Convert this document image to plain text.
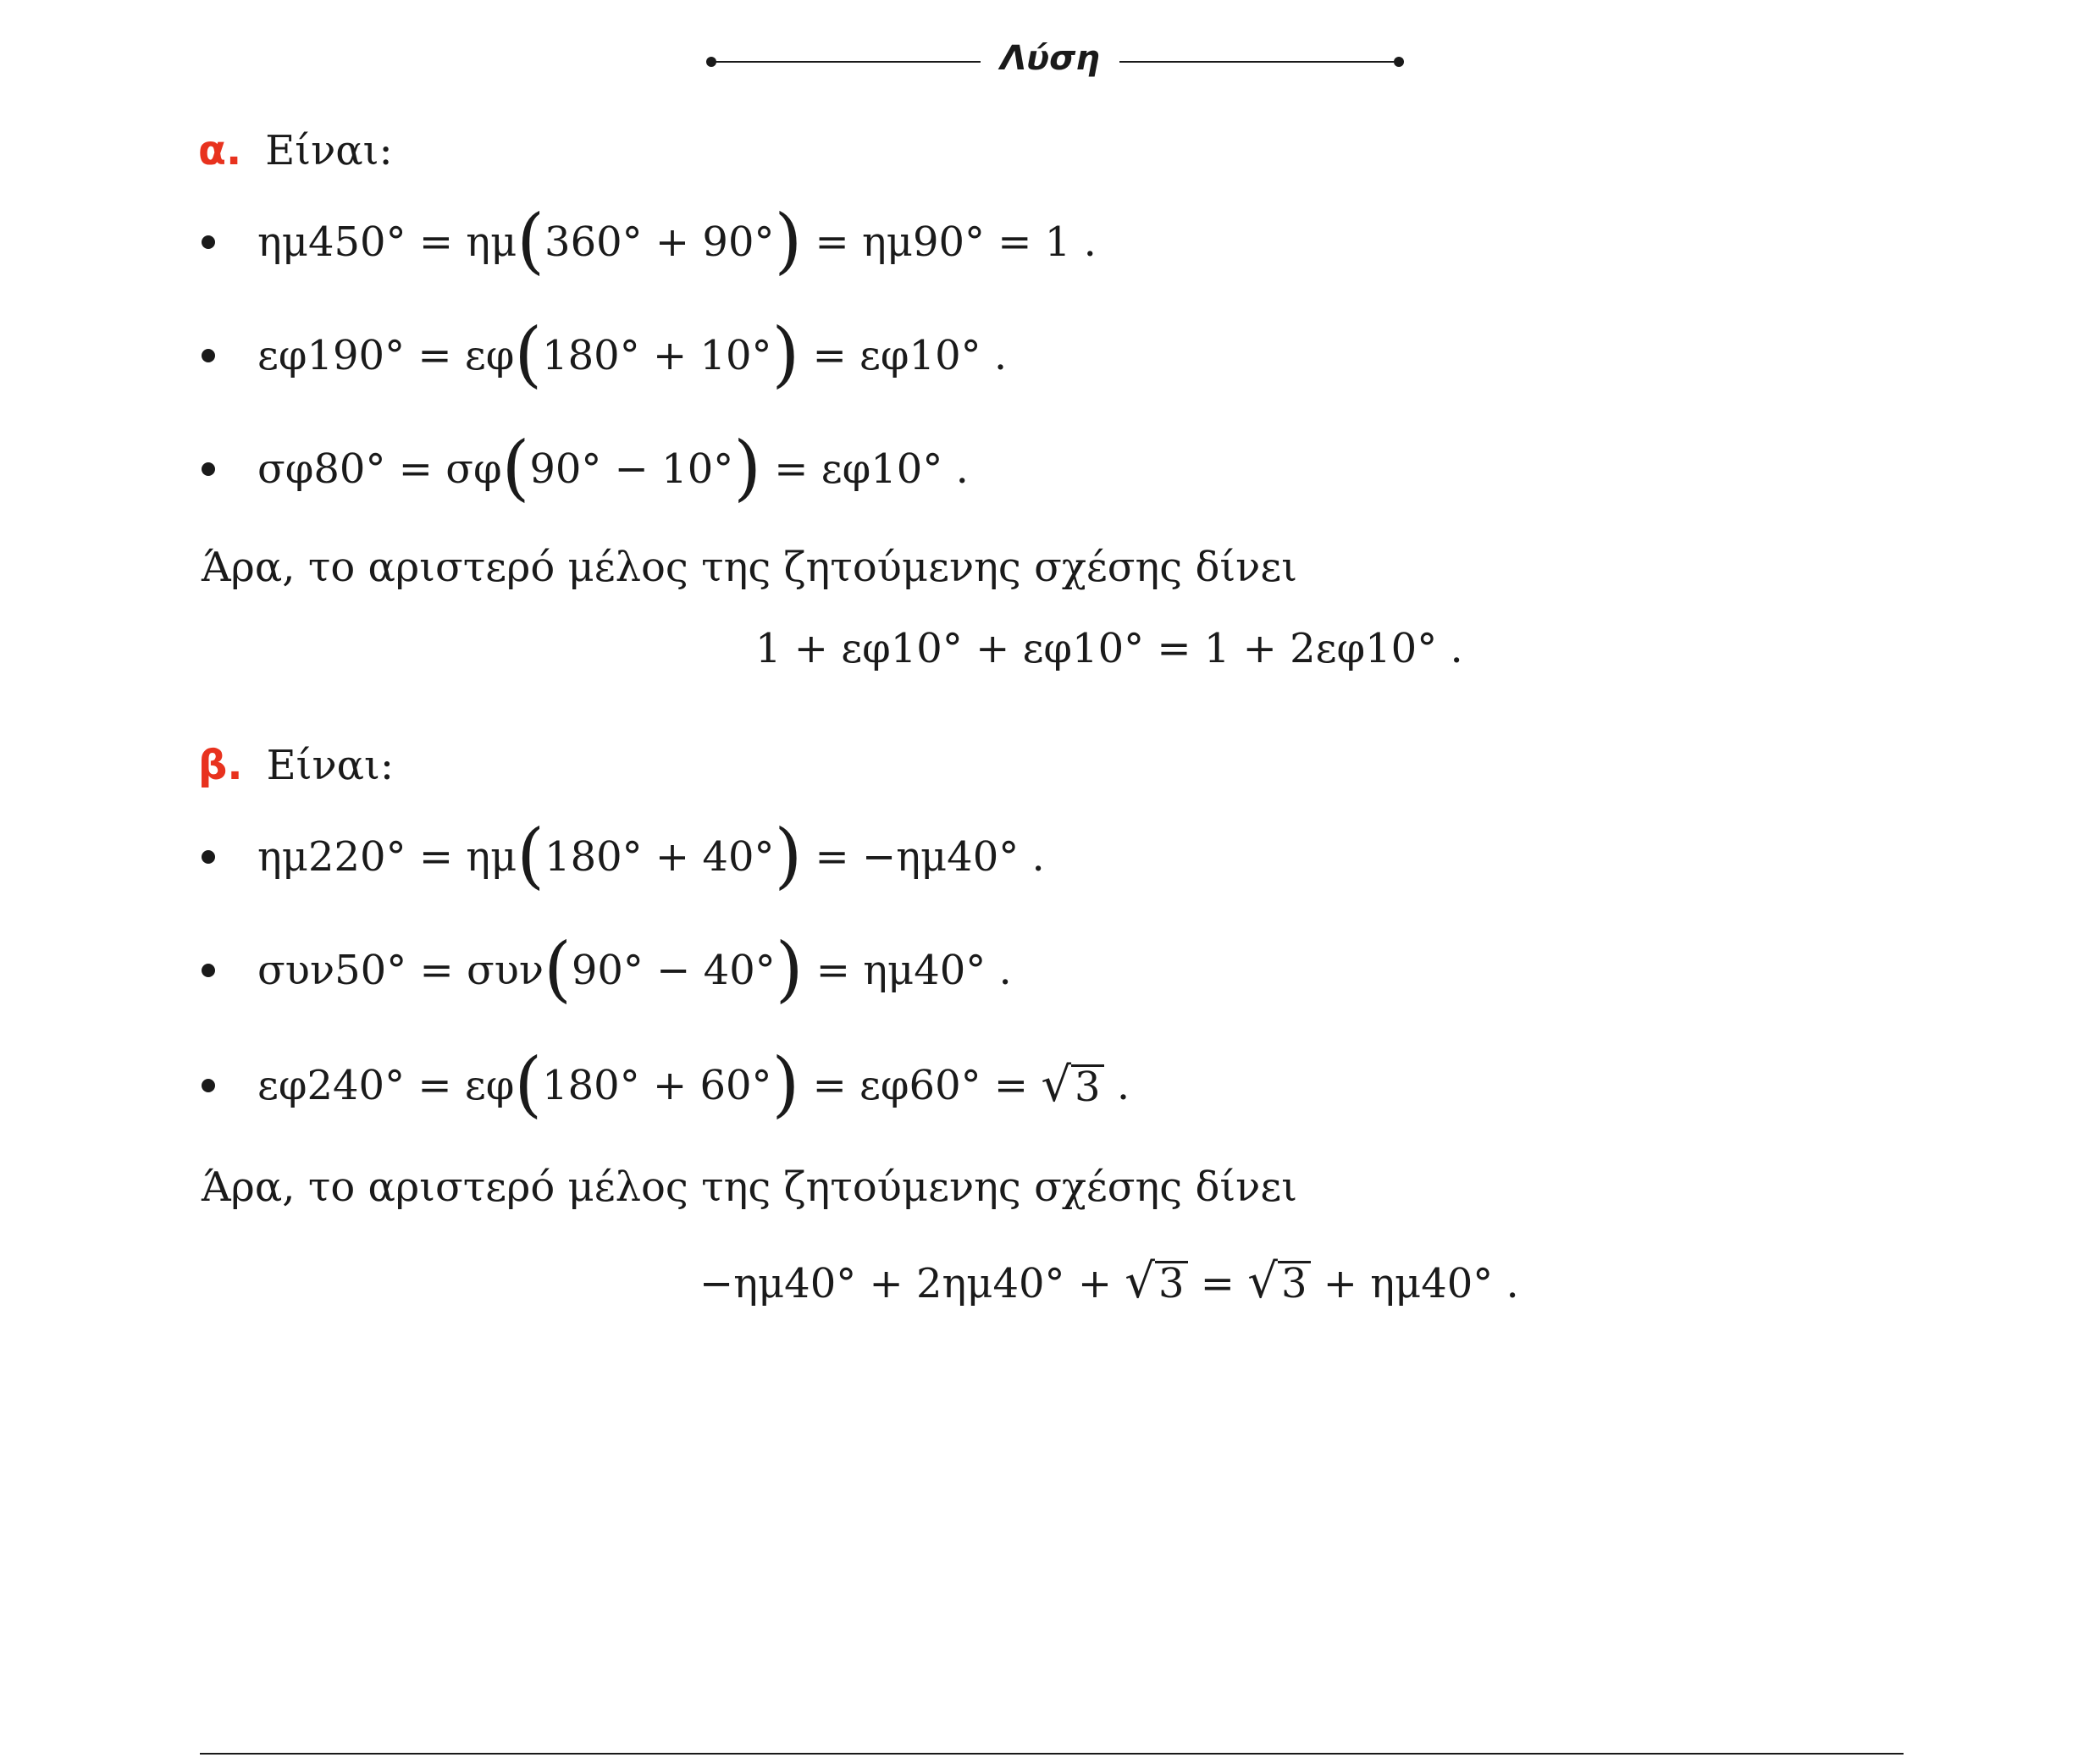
Λύση
α. Είναι:
ημ450° = ημ ( 360° + 90° )
= ημ90° = 1 .
εφ190° = εφ ( 180° + 10° )
= εφ10° .
σφ80° = σφ ( 90° − 10° )
= εφ10° .
Άρα, το αριστερό μέλος της ζητούμενης σχέσης δίνει
1 + εφ10° + εφ10° = 1 + 2εφ10° .
β. Είναι:
ημ220° = ημ ( 180° + 40° )
= −ημ40° .
συν50° = συν ( 90° − 40° )
= ημ40° .
εφ240° = εφ ( 180° + 60° )
= εφ60° =
√ 3
.
Άρα, το αριστερό μέλος της ζητούμενης σχέσης δίνει
−ημ40° + 2ημ40° + √3 = √3 + ημ40° .
